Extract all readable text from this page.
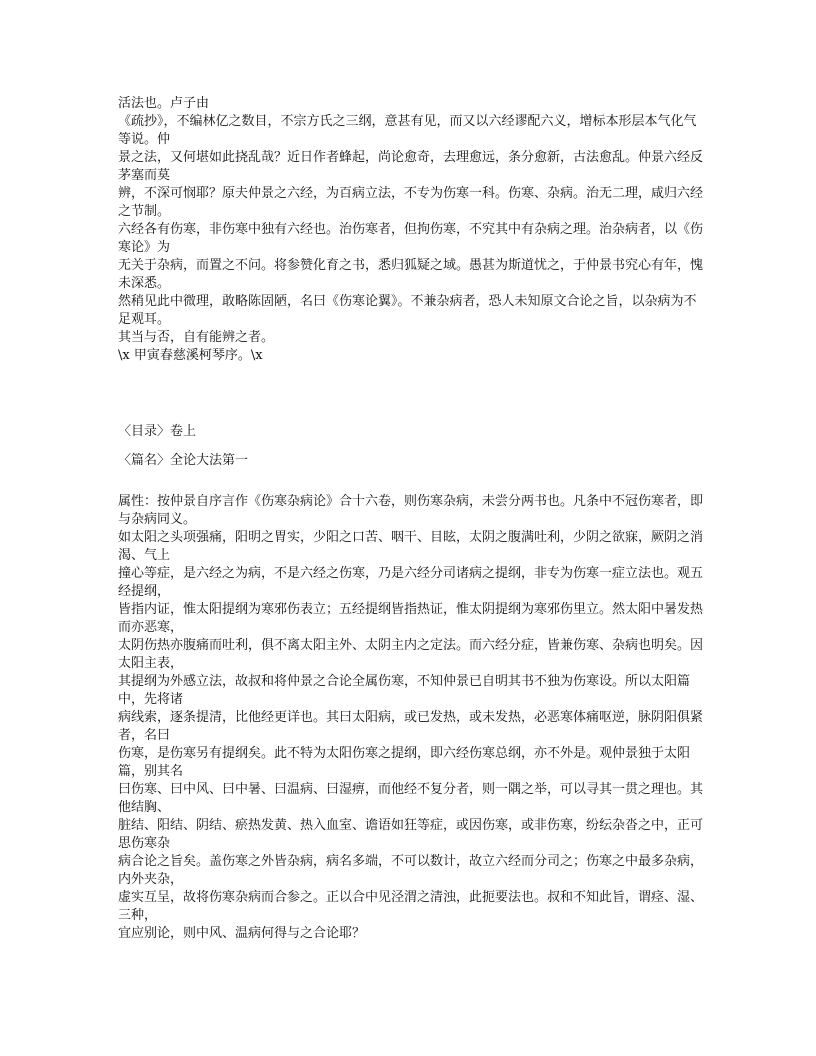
活法也。卢子由

《疏抄》，不编林亿之数目，不宗方氏之三纲，意甚有见，而又以六经谬配六义，增标本形层本气化气等说。仲

景之法，又何堪如此挠乱哉？近日作者蜂起，尚论愈奇，去理愈远，条分愈新，古法愈乱。仲景六经反茅塞而莫

辨，不深可悯耶？原夫仲景之六经，为百病立法，不专为伤寒一科。伤寒、杂病。治无二理，咸归六经之节制。

六经各有伤寒，非伤寒中独有六经也。治伤寒者，但拘伤寒，不究其中有杂病之理。治杂病者，以《伤寒论》为

无关于杂病，而置之不问。将参赞化育之书，悉归狐疑之域。愚甚为斯道忧之，于仲景书究心有年，愧未深悉。

然稍见此中微理，敢略陈固陋，名曰《伤寒论翼》。不兼杂病者，恐人未知原文合论之旨，以杂病为不足观耳。

其当与否，自有能辨之者。

\x 甲寅春慈溪柯琴序。\x

〈目录〉卷上

〈篇名〉全论大法第一

属性：按仲景自序言作《伤寒杂病论》合十六卷，则伤寒杂病，未尝分两书也。凡条中不冠伤寒者，即与杂病同义。

如太阳之头项强痛，阳明之胃实，少阳之口苦、咽干、目眩，太阴之腹满吐利，少阴之欲寐，厥阴之消渴、气上

撞心等症，是六经之为病，不是六经之伤寒，乃是六经分司诸病之提纲，非专为伤寒一症立法也。观五经提纲，

皆指内证，惟太阳提纲为寒邪伤表立；五经提纲皆指热证，惟太阴提纲为寒邪伤里立。然太阳中暑发热而亦恶寒，

太阴伤热亦腹痛而吐利，俱不离太阳主外、太阴主内之定法。而六经分症，皆兼伤寒、杂病也明矣。因太阳主表，

其提纲为外感立法，故叔和将仲景之合论全属伤寒，不知仲景已自明其书不独为伤寒设。所以太阳篇中，先将诸

病线索，逐条提清，比他经更详也。其曰太阳病，或已发热，或未发热，必恶寒体痛呕逆，脉阴阳俱紧者，名曰

伤寒，是伤寒另有提纲矣。此不特为太阳伤寒之提纲，即六经伤寒总纲，亦不外是。观仲景独于太阳篇，别其名

曰伤寒、曰中风、曰中暑、曰温病、曰湿痹，而他经不复分者，则一隅之举，可以寻其一贯之理也。其他结胸、

脏结、阳结、阴结、瘀热发黄、热入血室、谵语如狂等症，或因伤寒，或非伤寒，纷纭杂沓之中，正可思伤寒杂

病合论之旨矣。盖伤寒之外皆杂病，病名多端，不可以数计，故立六经而分司之；伤寒之中最多杂病，内外夹杂，

虚实互呈，故将伤寒杂病而合参之。正以合中见泾渭之清浊，此扼要法也。叔和不知此旨，谓痉、湿、 三种，

宜应别论，则中风、温病何得与之合论耶？
